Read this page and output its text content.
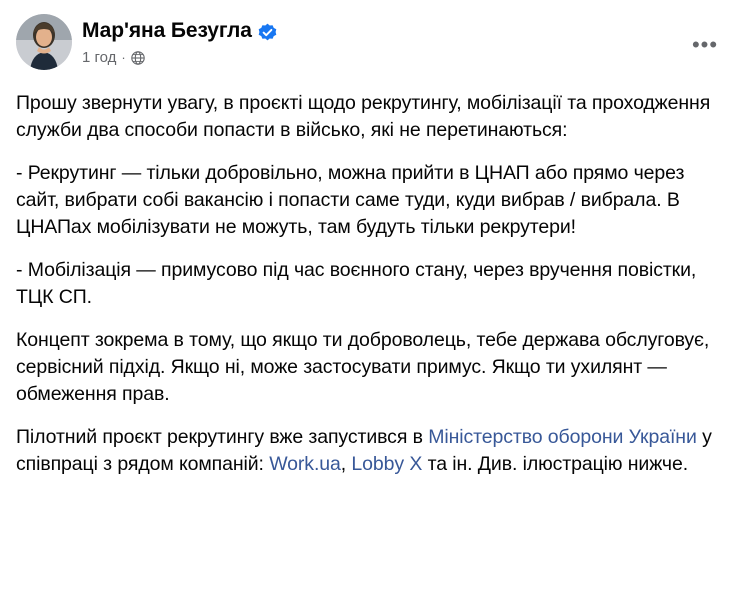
Мар'яна Безугла
1 год ·
•••

Прошу звернути увагу, в проєкті щодо рекрутингу, мобілізації та проходження служби два способи попасти в військо, які не перетинаються:

- Рекрутинг — тільки добровільно, можна прийти в ЦНАП або прямо через сайт, вибрати собі вакансію і попасти саме туди, куди вибрав / вибрала. В ЦНАПах мобілізувати не можуть, там будуть тільки рекрутери!

- Мобілізація — примусово під час воєнного стану, через вручення повістки, ТЦК СП.

Концепт зокрема в тому, що якщо ти доброволець, тебе держава обслуговує, сервісний підхід. Якщо ні, може застосувати примус. Якщо ти ухилянт — обмеження прав.

Пілотний проєкт рекрутингу вже запустився в Міністерство оборони України у співпраці з рядом компаній: Work.ua, Lobby X та ін. Див. ілюстрацію нижче.
